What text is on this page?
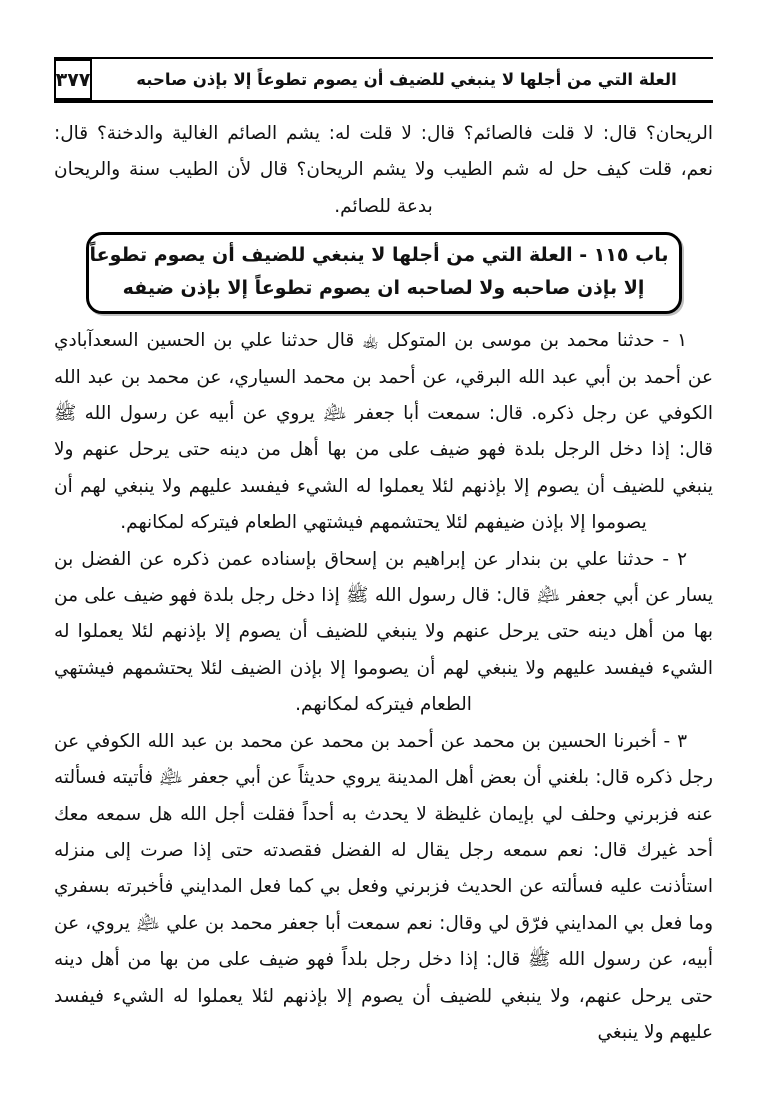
العلة التي من أجلها لا ينبغي للضيف أن يصوم تطوعاً إلا بإذن صاحبه
٣٧٧

الريحان؟ قال: لا قلت فالصائم؟ قال: لا قلت له: يشم الصائم الغالية والدخنة؟ قال: نعم، قلت كيف حل له شم الطيب ولا يشم الريحان؟ قال لأن الطيب سنة والريحان بدعة للصائم.

باب ١١٥ - العلة التي من أجلها لا ينبغي للضيف أن يصوم تطوعاً
إلا بإذن صاحبه ولا لصاحبه ان يصوم تطوعاً إلا بإذن ضيفه

١ - حدثنا محمد بن موسى بن المتوكل ﵀ قال حدثنا علي بن الحسين السعدآبادي عن أحمد بن أبي عبد الله البرقي، عن أحمد بن محمد السياري، عن محمد بن عبد الله الكوفي عن رجل ذكره. قال: سمعت أبا جعفر ﵇ يروي عن أبيه عن رسول الله ﷺ قال: إذا دخل الرجل بلدة فهو ضيف على من بها أهل من دينه حتى يرحل عنهم ولا ينبغي للضيف أن يصوم إلا بإذنهم لئلا يعملوا له الشيء فيفسد عليهم ولا ينبغي لهم أن يصوموا إلا بإذن ضيفهم لئلا يحتشمهم فيشتهي الطعام فيتركه لمكانهم.

٢ - حدثنا علي بن بندار عن إبراهيم بن إسحاق بإسناده عمن ذكره عن الفضل بن يسار عن أبي جعفر ﵇ قال: قال رسول الله ﷺ إذا دخل رجل بلدة فهو ضيف على من بها من أهل دينه حتى يرحل عنهم ولا ينبغي للضيف أن يصوم إلا بإذنهم لئلا يعملوا له الشيء فيفسد عليهم ولا ينبغي لهم أن يصوموا إلا بإذن الضيف لئلا يحتشمهم فيشتهي الطعام فيتركه لمكانهم.

٣ - أخبرنا الحسين بن محمد عن أحمد بن محمد عن محمد بن عبد الله الكوفي عن رجل ذكره قال: بلغني أن بعض أهل المدينة يروي حديثاً عن أبي جعفر ﵇ فأتيته فسألته عنه فزبرني وحلف لي بإيمان غليظة لا يحدث به أحداً فقلت أجل الله هل سمعه معك أحد غيرك قال: نعم سمعه رجل يقال له الفضل فقصدته حتى إذا صرت إلى منزله استأذنت عليه فسألته عن الحديث فزبرني وفعل بي كما فعل المدايني فأخبرته بسفري وما فعل بي المدايني فرّق لي وقال: نعم سمعت أبا جعفر محمد بن علي ﵇ يروي، عن أبيه، عن رسول الله ﷺ قال: إذا دخل رجل بلداً فهو ضيف على من بها من أهل دينه حتى يرحل عنهم، ولا ينبغي للضيف أن يصوم إلا بإذنهم لئلا يعملوا له الشيء فيفسد عليهم ولا ينبغي
